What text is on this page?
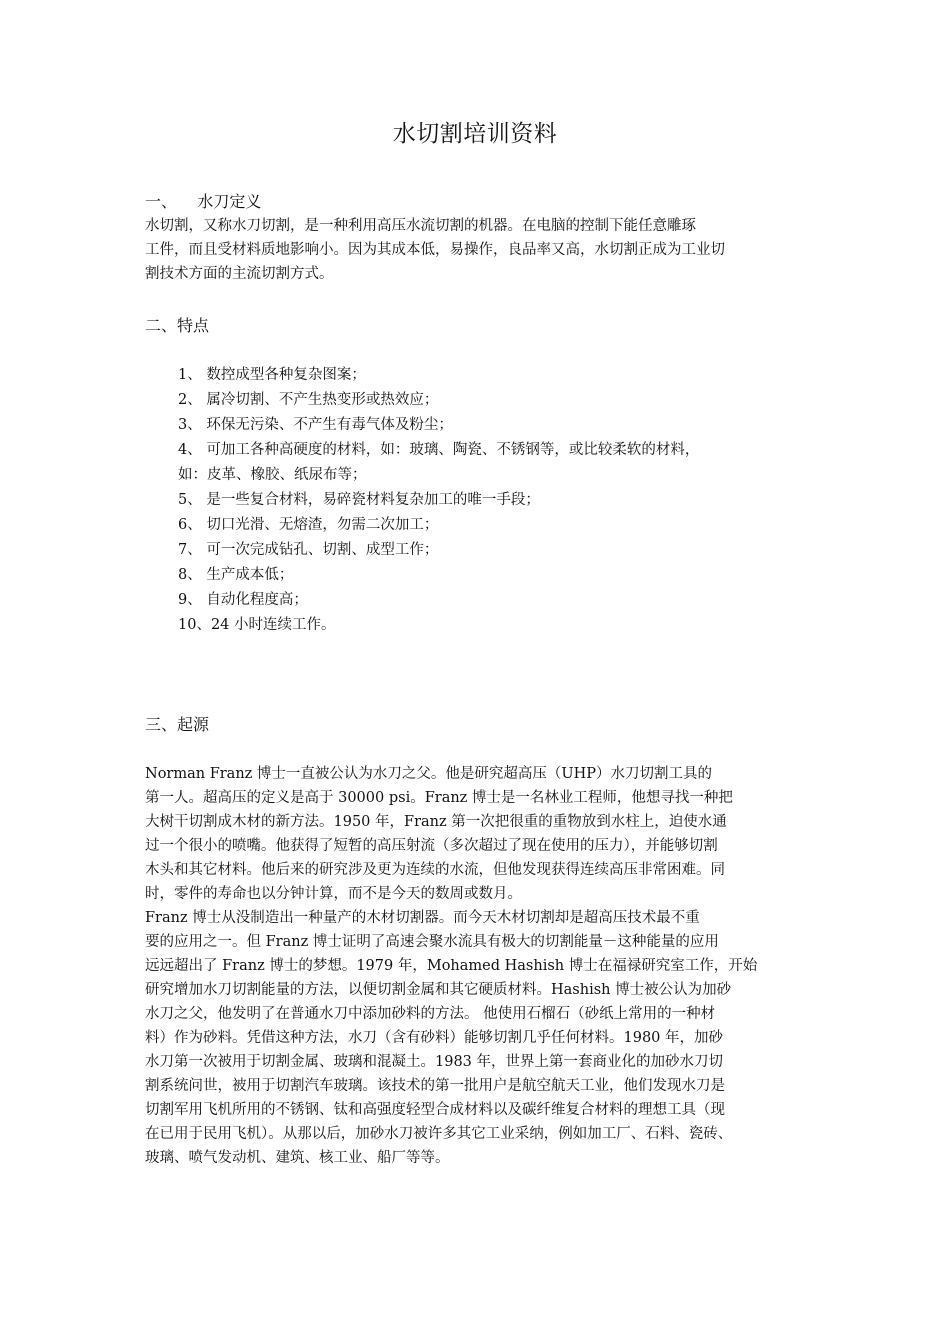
水切割培训资料
一、    水刀定义
水切割，又称水刀切割，是一种利用高压水流切割的机器。在电脑的控制下能任意雕琢
工件，而且受材料质地影响小。因为其成本低，易操作，良品率又高，水切割正成为工业切
割技术方面的主流切割方式。
二、特点
1、 数控成型各种复杂图案；
2、 属冷切割、不产生热变形或热效应；
3、 环保无污染、不产生有毒气体及粉尘；
4、 可加工各种高硬度的材料，如：玻璃、陶瓷、不锈钢等，或比较柔软的材料，
如：皮革、橡胶、纸尿布等；
5、 是一些复合材料，易碎瓷材料复杂加工的唯一手段；
6、 切口光滑、无熔渣，勿需二次加工；
7、 可一次完成钻孔、切割、成型工作；
8、 生产成本低；
9、 自动化程度高；
10、24 小时连续工作。
三、起源
Norman Franz 博士一直被公认为水刀之父。他是研究超高压（UHP）水刀切割工具的
第一人。超高压的定义是高于 30000 psi。Franz 博士是一名林业工程师，他想寻找一种把
大树干切割成木材的新方法。1950 年，Franz 第一次把很重的重物放到水柱上，迫使水通
过一个很小的喷嘴。他获得了短暂的高压射流（多次超过了现在使用的压力），并能够切割
木头和其它材料。他后来的研究涉及更为连续的水流，但他发现获得连续高压非常困难。同
时，零件的寿命也以分钟计算，而不是今天的数周或数月。
Franz 博士从没制造出一种量产的木材切割器。而今天木材切割却是超高压技术最不重
要的应用之一。但 Franz 博士证明了高速会聚水流具有极大的切割能量－这种能量的应用
远远超出了 Franz 博士的梦想。1979 年，Mohamed Hashish 博士在福禄研究室工作，开始
研究增加水刀切割能量的方法，以便切割金属和其它硬质材料。Hashish 博士被公认为加砂
水刀之父，他发明了在普通水刀中添加砂料的方法。 他使用石榴石（砂纸上常用的一种材
料）作为砂料。凭借这种方法，水刀（含有砂料）能够切割几乎任何材料。1980 年，加砂
水刀第一次被用于切割金属、玻璃和混凝土。1983 年，世界上第一套商业化的加砂水刀切
割系统问世，被用于切割汽车玻璃。该技术的第一批用户是航空航天工业，他们发现水刀是
切割军用飞机所用的不锈钢、钛和高强度轻型合成材料以及碳纤维复合材料的理想工具（现
在已用于民用飞机）。从那以后，加砂水刀被许多其它工业采纳，例如加工厂、石料、瓷砖、
玻璃、喷气发动机、建筑、核工业、船厂等等。
